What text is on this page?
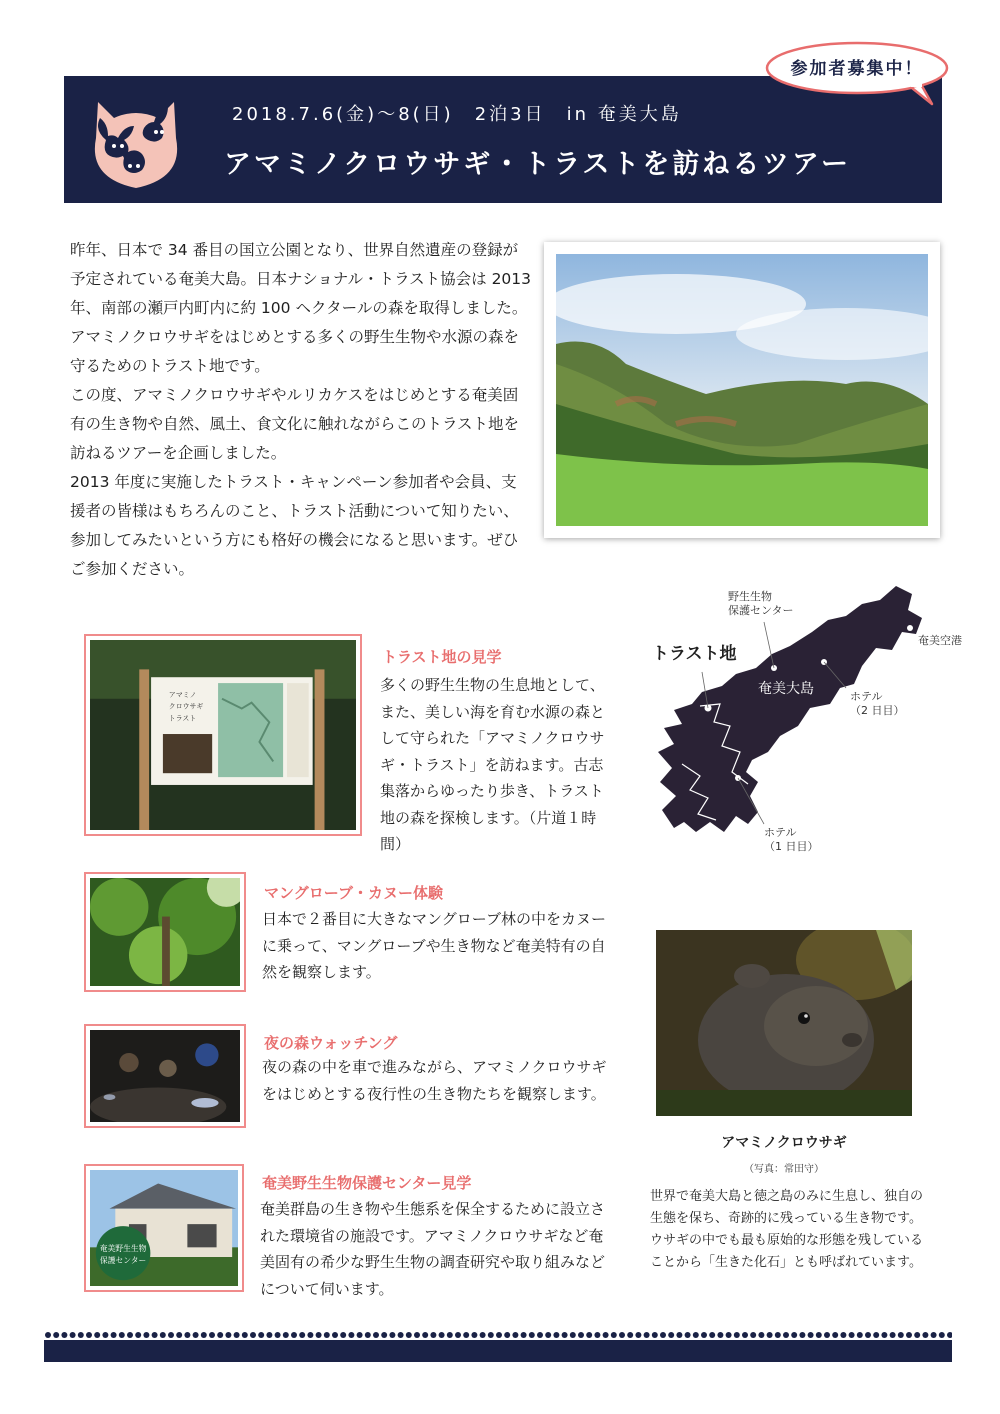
2018.7.6(金)〜8(日)　2泊3日　in 奄美大島
アマミノクロウサギ・トラストを訪ねるツアー
参加者募集中！

昨年、日本で 34 番目の国立公園となり、世界自然遺産の登録が予定されている奄美大島。日本ナショナル・トラスト協会は 2013 年、南部の瀬戸内町内に約 100 ヘクタールの森を取得しました。アマミノクロウサギをはじめとする多くの野生生物や水源の森を守るためのトラスト地です。

この度、アマミノクロウサギやルリカケスをはじめとする奄美固有の生き物や自然、風土、食文化に触れながらこのトラスト地を訪ねるツアーを企画しました。

2013 年度に実施したトラスト・キャンペーン参加者や会員、支援者の皆様はもちろんのこと、トラスト活動について知りたい、参加してみたいという方にも格好の機会になると思います。ぜひご参加ください。

アマミノ
クロウサギ
トラスト
トラスト地の見学
多くの野生生物の生息地として、また、美しい海を育む水源の森として守られた「アマミノクロウサギ・トラスト」を訪ねます。古志集落からゆったり歩き、トラスト地の森を探検します。（片道１時間）
マングローブ・カヌー体験
日本で２番目に大きなマングローブ林の中をカヌーに乗って、マングローブや生き物など奄美特有の自然を観察します。
夜の森ウォッチング
夜の森の中を車で進みながら、アマミノクロウサギをはじめとする夜行性の生き物たちを観察します。
奄美野生生物
保護センター
奄美野生生物保護センター見学
奄美群島の生き物や生態系を保全するために設立された環境省の施設です。アマミノクロウサギなど奄美固有の希少な野生生物の調査研究や取り組みなどについて伺います。
野生生物
保護センター
奄美空港
トラスト地
奄美大島	ホテル
（2 日目）
ホテル
（1 日目）
アマミノクロウサギ
（写真：常田守）
世界で奄美大島と徳之島のみに生息し、独自の生態を保ち、奇跡的に残っている生き物です。ウサギの中でも最も原始的な形態を残していることから「生きた化石」とも呼ばれています。
